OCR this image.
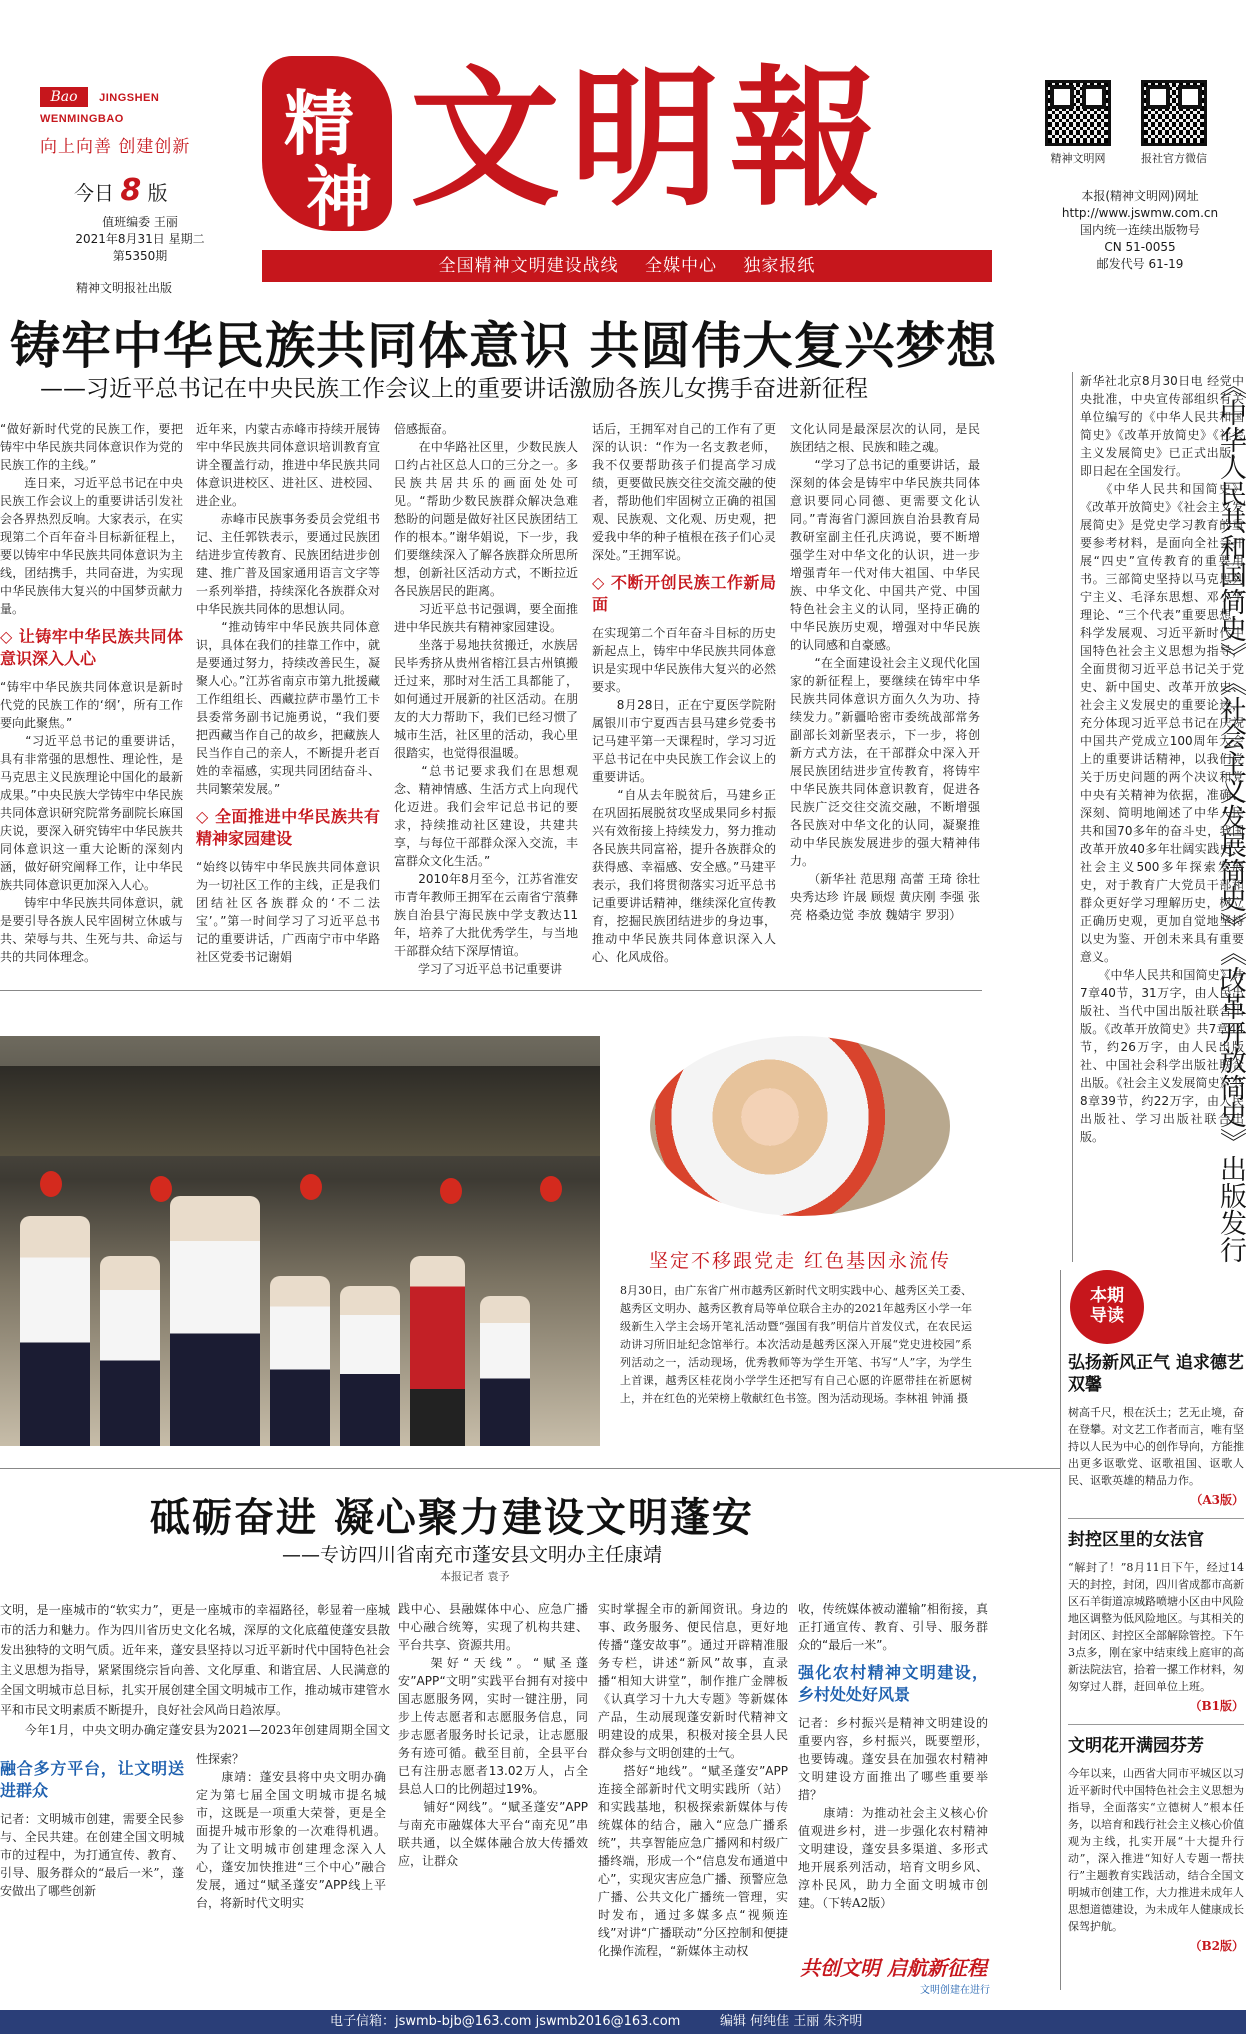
Bao JINGSHEN WENMINGBAO
向上向善 创建创新
今日 8 版
值班编委 王丽
2021年8月31日 星期二
第5350期
精神文明报社出版
精
神 文明報
全国精神文明建设战线 全媒中心 独家报纸
精神文明网	报社官方微信
本报(精神文明网)网址
http://www.jswmw.com.cn
国内统一连续出版物号
CN 51-0055
邮发代号 61-19
铸牢中华民族共同体意识 共圆伟大复兴梦想
——习近平总书记在中央民族工作会议上的重要讲话激励各族儿女携手奋进新征程
“做好新时代党的民族工作，要把铸牢中华民族共同体意识作为党的民族工作的主线。”
　　连日来，习近平总书记在中央民族工作会议上的重要讲话引发社会各界热烈反响。大家表示，在实现第二个百年奋斗目标新征程上，要以铸牢中华民族共同体意识为主线，团结携手，共同奋进，为实现中华民族伟大复兴的中国梦贡献力量。
◇ 让铸牢中华民族共同体意识深入人心
“铸牢中华民族共同体意识是新时代党的民族工作的‘纲’，所有工作要向此聚焦。”
　　“习近平总书记的重要讲话，具有非常强的思想性、理论性，是马克思主义民族理论中国化的最新成果。”中央民族大学铸牢中华民族共同体意识研究院常务副院长麻国庆说，要深入研究铸牢中华民族共同体意识这一重大论断的深刻内涵，做好研究阐释工作，让中华民族共同体意识更加深入人心。
　　铸牢中华民族共同体意识，就是要引导各族人民牢固树立休戚与共、荣辱与共、生死与共、命运与共的共同体理念。
近年来，内蒙古赤峰市持续开展铸牢中华民族共同体意识培训教育宣讲全覆盖行动，推进中华民族共同体意识进校区、进社区、进校园、进企业。
　　赤峰市民族事务委员会党组书记、主任郭铁表示，要通过民族团结进步宣传教育、民族团结进步创建、推广普及国家通用语言文字等一系列举措，持续深化各族群众对中华民族共同体的思想认同。
　　“推动铸牢中华民族共同体意识，具体在我们的挂靠工作中，就是要通过努力，持续改善民生，凝聚人心。”江苏省南京市第九批援藏工作组组长、西藏拉萨市墨竹工卡县委常务副书记施勇说，“我们要把西藏当作自己的故乡，把藏族人民当作自己的亲人，不断提升老百姓的幸福感，实现共同团结奋斗、共同繁荣发展。”
◇ 全面推进中华民族共有精神家园建设
“始终以铸牢中华民族共同体意识为一切社区工作的主线，正是我们团结社区各族群众的‘不二法宝’。”第一时间学习了习近平总书记的重要讲话，广西南宁市中华路社区党委书记谢娟
倍感振奋。
　　在中华路社区里，少数民族人口约占社区总人口的三分之一。多民族共居共乐的画面处处可见。“帮助少数民族群众解决急难愁盼的问题是做好社区民族团结工作的根本。”谢华娟说，下一步，我们要继续深入了解各族群众所思所想，创新社区活动方式，不断拉近各民族居民的距离。
　　习近平总书记强调，要全面推进中华民族共有精神家园建设。
　　坐落于易地扶贫搬迁，水族居民毕秀挤从贵州省榕江县古州镇搬迁过来，那时对生活工具都能了，如何通过开展新的社区活动。在朋友的大力帮助下，我们已经习惯了城市生活，社区里的活动，我心里很踏实，也觉得很温暖。
　　“总书记要求我们在思想观念、精神情感、生活方式上向现代化迈进。我们会牢记总书记的要求，持续推动社区建设，共建共享，与每位干部群众深入交流，丰富群众文化生活。”
　　2010年8月至今，江苏省淮安市青年教师王拥军在云南省宁蒗彝族自治县宁海民族中学支教达11年，培养了大批优秀学生，与当地干部群众结下深厚情谊。
　　学习了习近平总书记重要讲
话后，王拥军对自己的工作有了更深的认识：“作为一名支教老师，我不仅要帮助孩子们提高学习成绩，更要做民族交往交流交融的使者，帮助他们牢固树立正确的祖国观、民族观、文化观、历史观，把爱我中华的种子植根在孩子们心灵深处。”王拥军说。
◇ 不断开创民族工作新局面
在实现第二个百年奋斗目标的历史新起点上，铸牢中华民族共同体意识是实现中华民族伟大复兴的必然要求。
　　8月28日，正在宁夏医学院附属银川市宁夏西吉县马建乡党委书记马建平第一天课程时，学习习近平总书记在中央民族工作会议上的重要讲话。
　　“自从去年脱贫后，马建乡正在巩固拓展脱贫攻坚成果同乡村振兴有效衔接上持续发力，努力推动各民族共同富裕，提升各族群众的获得感、幸福感、安全感。”马建平表示，我们将贯彻落实习近平总书记重要讲话精神，继续深化宣传教育，挖掘民族团结进步的身边事，推动中华民族共同体意识深入人心、化风成俗。
文化认同是最深层次的认同，是民族团结之根、民族和睦之魂。
　　“学习了总书记的重要讲话，最深刻的体会是铸牢中华民族共同体意识要同心同德、更需要文化认同。”青海省门源回族自治县教育局教研室副主任孔庆鸿说，要不断增强学生对中华文化的认识，进一步增强青年一代对伟大祖国、中华民族、中华文化、中国共产党、中国特色社会主义的认同，坚持正确的中华民族历史观，增强对中华民族的认同感和自豪感。
　　“在全面建设社会主义现代化国家的新征程上，要继续在铸牢中华民族共同体意识方面久久为功、持续发力。”新疆哈密市委统战部常务副部长刘新坚表示，下一步，将创新方式方法，在干部群众中深入开展民族团结进步宣传教育，将铸牢中华民族共同体意识教育，促进各民族广泛交往交流交融，不断增强各民族对中华文化的认同，凝聚推动中华民族发展进步的强大精神伟力。
　　（新华社 范思翔 高蕾 王琦 徐壮 央秀达珍 许晟 顾煜 黄庆刚 李强 张亮 格桑边觉 李放 魏婧宇 罗羽）
《中华人民共和国简史》
《社会主义发展简史》
《改革开放简史》出版发行
新华社北京8月30日电 经党中央批准，中央宣传部组织有关单位编写的《中华人民共和国简史》《改革开放简史》《社会主义发展简史》已正式出版，即日起在全国发行。
　　《中华人民共和国简史》《改革开放简史》《社会主义发展简史》是党史学习教育的重要参考材料，是面向全社会开展“四史”宣传教育的重要用书。三部简史坚持以马克思列宁主义、毛泽东思想、邓小平理论、“三个代表”重要思想、科学发展观、习近平新时代中国特色社会主义思想为指导，全面贯彻习近平总书记关于党史、新中国史、改革开放史、社会主义发展史的重要论述，充分体现习近平总书记在庆祝中国共产党成立100周年大会上的重要讲话精神，以我们党关于历史问题的两个决议和党中央有关精神为依据，准确、深刻、简明地阐述了中华人民共和国70多年的奋斗史，我国改革开放40多年壮阔实践史，社会主义500多年探索发展史，对于教育广大党员干部和群众更好学习理解历史，树立正确历史观，更加自觉地坚持以史为鉴、开创未来具有重要意义。
　　《中华人民共和国简史》共7章40节，31万字，由人民出版社、当代中国出版社联合出版。《改革开放简史》共7章44节，约26万字，由人民出版社、中国社会科学出版社联合出版。《社会主义发展简史》共8章39节，约22万字，由人民出版社、学习出版社联合出版。
坚定不移跟党走 红色基因永流传
8月30日，由广东省广州市越秀区新时代文明实践中心、越秀区关工委、越秀区文明办、越秀区教育局等单位联合主办的2021年越秀区小学一年级新生入学主会场开笔礼活动暨“强国有我”明信片首发仪式，在农民运动讲习所旧址纪念馆举行。本次活动是越秀区深入开展“党史进校园”系列活动之一，活动现场，优秀教师等为学生开笔、书写“人”字，为学生上首课，越秀区桂花岗小学学生还把写有自己心愿的许愿带挂在祈愿树上，并在红色的光荣榜上敬献红色书签。图为活动现场。李林祖 钟涌 摄
砥砺奋进 凝心聚力建设文明蓬安
——专访四川省南充市蓬安县文明办主任康靖
本报记者 袁予
文明，是一座城市的“软实力”，更是一座城市的幸福路径，彰显着一座城市的活力和魅力。作为四川省历史文化名城，深厚的文化底蕴使蓬安县散发出独特的文明气质。近年来，蓬安县坚持以习近平新时代中国特色社会主义思想为指导，紧紧围绕宗旨向善、文化厚重、和谐宜居、人民满意的全国文明城市总目标，扎实开展创建全国文明城市工作，推动城市建管水平和市民文明素质不断提升，良好社会风尚日趋浓厚。
　　今年1月，中央文明办确定蓬安县为2021—2023年创建周期全国文
融合多方平台，让文明送进群众
记者：文明城市创建，需要全民参与、全民共建。在创建全国文明城市的过程中，为打通宣传、教育、引导、服务群众的“最后一米”，蓬安做出了哪些创新
性探索？
　　康靖：蓬安县将中央文明办确定为第七届全国文明城市提名城市，这既是一项重大荣誉，更是全面提升城市形象的一次难得机遇。为了让文明城市创建理念深入人心，蓬安加快推进“三个中心”融合发展，通过“赋圣蓬安”APP线上平台，将新时代文明实
践中心、县融媒体中心、应急广播中心融合统筹，实现了机构共建、平台共享、资源共用。
　　架好“天线”。“赋圣蓬安”APP“文明”实践平台拥有对接中国志愿服务网，实时一键注册，同步上传志愿者和志愿服务信息，同步志愿者服务时长记录，让志愿服务有迹可循。截至目前，全县平台已有注册志愿者13.02万人，占全县总人口的比例超过19%。
　　铺好“网线”。“赋圣蓬安”APP与南充市融媒体大平台“南充见”串联共通，以全媒体融合放大传播效应，让群众
实时掌握全市的新闻资讯。身边的事、政务服务、便民信息，更好地传播“蓬安故事”。通过开辟精准服务专栏，讲述“新风”故事，直录播“相知大讲堂”，制作推广金牌板《认真学习十九大专题》等新媒体产品，生动展现蓬安新时代精神文明建设的成果，积极对接全县人民群众参与文明创建的士气。
　　搭好“地线”。“赋圣蓬安”APP连接全部新时代文明实践所（站）和实践基地，积极探索新媒体与传统媒体的结合，融入“应急广播系统”，共享智能应急广播网和村级广播终端，形成一个“信息发布通道中心”，实现灾害应急广播、预警应急广播、公共文化广播统一管理，实时发布，通过多媒多点“视频连线”对讲“广播联动”分区控制和便捷化操作流程，“新媒体主动权
收，传统媒体被动灌输”相衔接，真正打通宣传、教育、引导、服务群众的“最后一米”。
强化农村精神文明建设，乡村处处好风景
记者：乡村振兴是精神文明建设的重要内容，乡村振兴，既要塑形，也要铸魂。蓬安县在加强农村精神文明建设方面推出了哪些重要举措？
　　康靖：为推动社会主义核心价值观进乡村，进一步强化农村精神文明建设，蓬安县多渠道、多形式地开展系列活动，培育文明乡风、淳朴民风，助力全面文明城市创建。（下转A2版）
共创文明 启航新征程
文明创建在进行
本期
导读
弘扬新风正气 追求德艺双馨
树高千尺，根在沃土；艺无止境，奋在登攀。对文艺工作者而言，唯有坚持以人民为中心的创作导向，方能推出更多讴歌党、讴歌祖国、讴歌人民、讴歌英雄的精品力作。
（A3版）
封控区里的女法官
“解封了！”8月11日下午，经过14天的封控，封闭，四川省成都市高新区石羊街道凉城路喷塘小区由中风险地区调整为低风险地区。与其相关的封闭区、封控区全部解除管控。下午3点多，刚在家中结束线上庭审的高新法院法官，拾着一摞工作材料，匆匆穿过人群，赶回单位上班。
（B1版）
文明花开满园芬芳
今年以来，山西省大同市平城区以习近平新时代中国特色社会主义思想为指导，全面落实“立德树人”根本任务，以培育和践行社会主义核心价值观为主线，扎实开展“十大提升行动”，深入推进“知好人专题一帮扶行”主题教育实践活动，结合全国文明城市创建工作，大力推进未成年人思想道德建设，为未成年人健康成长保驾护航。
（B2版）
电子信箱：jswmb-bjb@163.com jswmb2016@163.com	编辑 何纯佳 王丽 朱齐明
